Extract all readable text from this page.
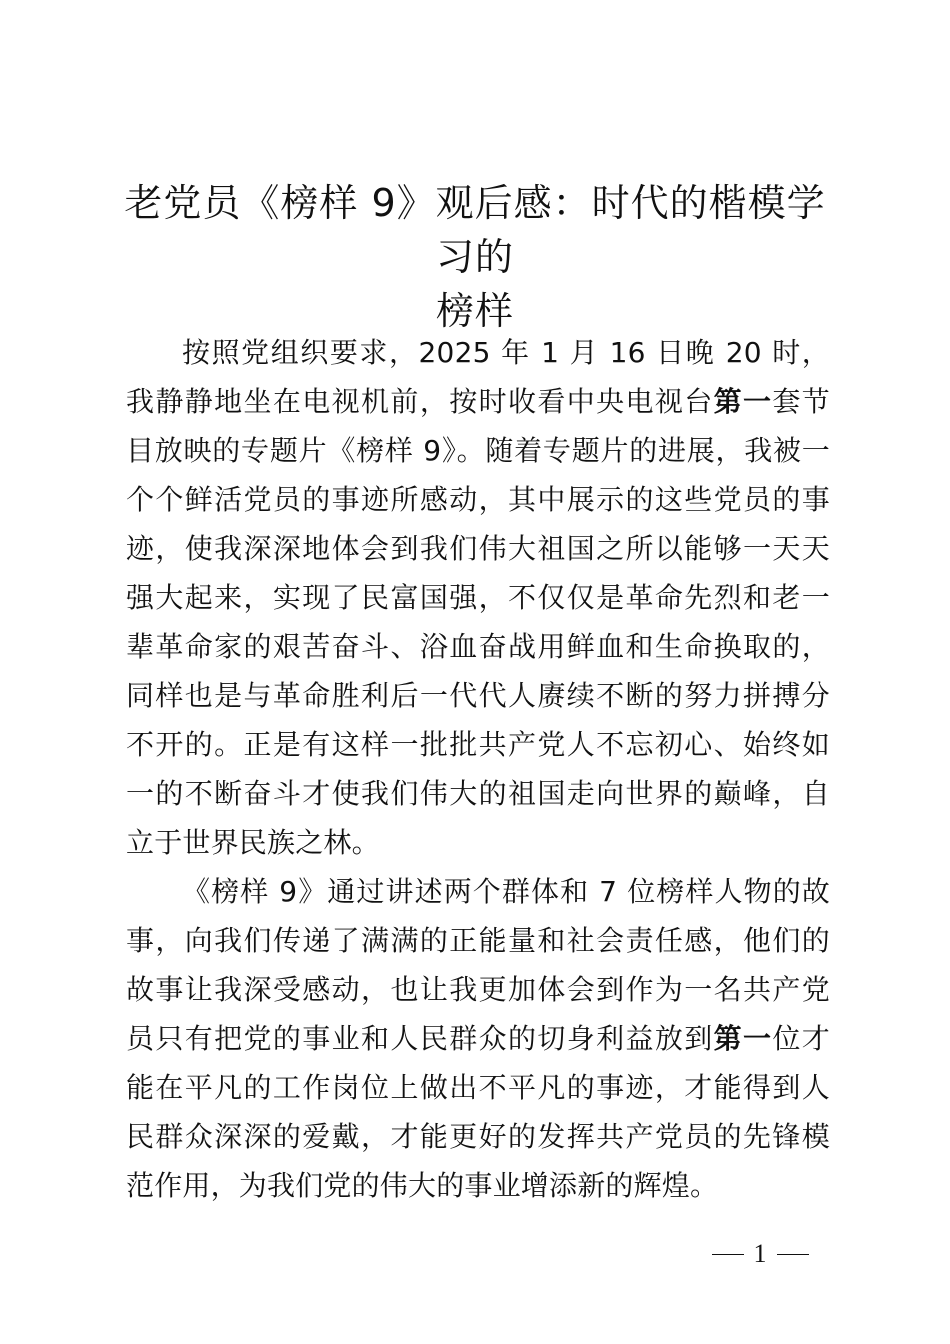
老党员《榜样 9》观后感：时代的楷模学习的
榜样

按照党组织要求，2025 年 1 月 16 日晚 20 时，我静静地坐在电视机前，按时收看中央电视台第一套节目放映的专题片《榜样 9》。随着专题片的进展，我被一个个鲜活党员的事迹所感动，其中展示的这些党员的事迹，使我深深地体会到我们伟大祖国之所以能够一天天强大起来，实现了民富国强，不仅仅是革命先烈和老一辈革命家的艰苦奋斗、浴血奋战用鲜血和生命换取的，同样也是与革命胜利后一代代人赓续不断的努力拼搏分不开的。正是有这样一批批共产党人不忘初心、始终如一的不断奋斗才使我们伟大的祖国走向世界的巅峰，自立于世界民族之林。

《榜样 9》通过讲述两个群体和 7 位榜样人物的故事，向我们传递了满满的正能量和社会责任感，他们的故事让我深受感动，也让我更加体会到作为一名共产党员只有把党的事业和人民群众的切身利益放到第一位才能在平凡的工作岗位上做出不平凡的事迹，才能得到人民群众深深的爱戴，才能更好的发挥共产党员的先锋模范作用，为我们党的伟大的事业增添新的辉煌。

1
